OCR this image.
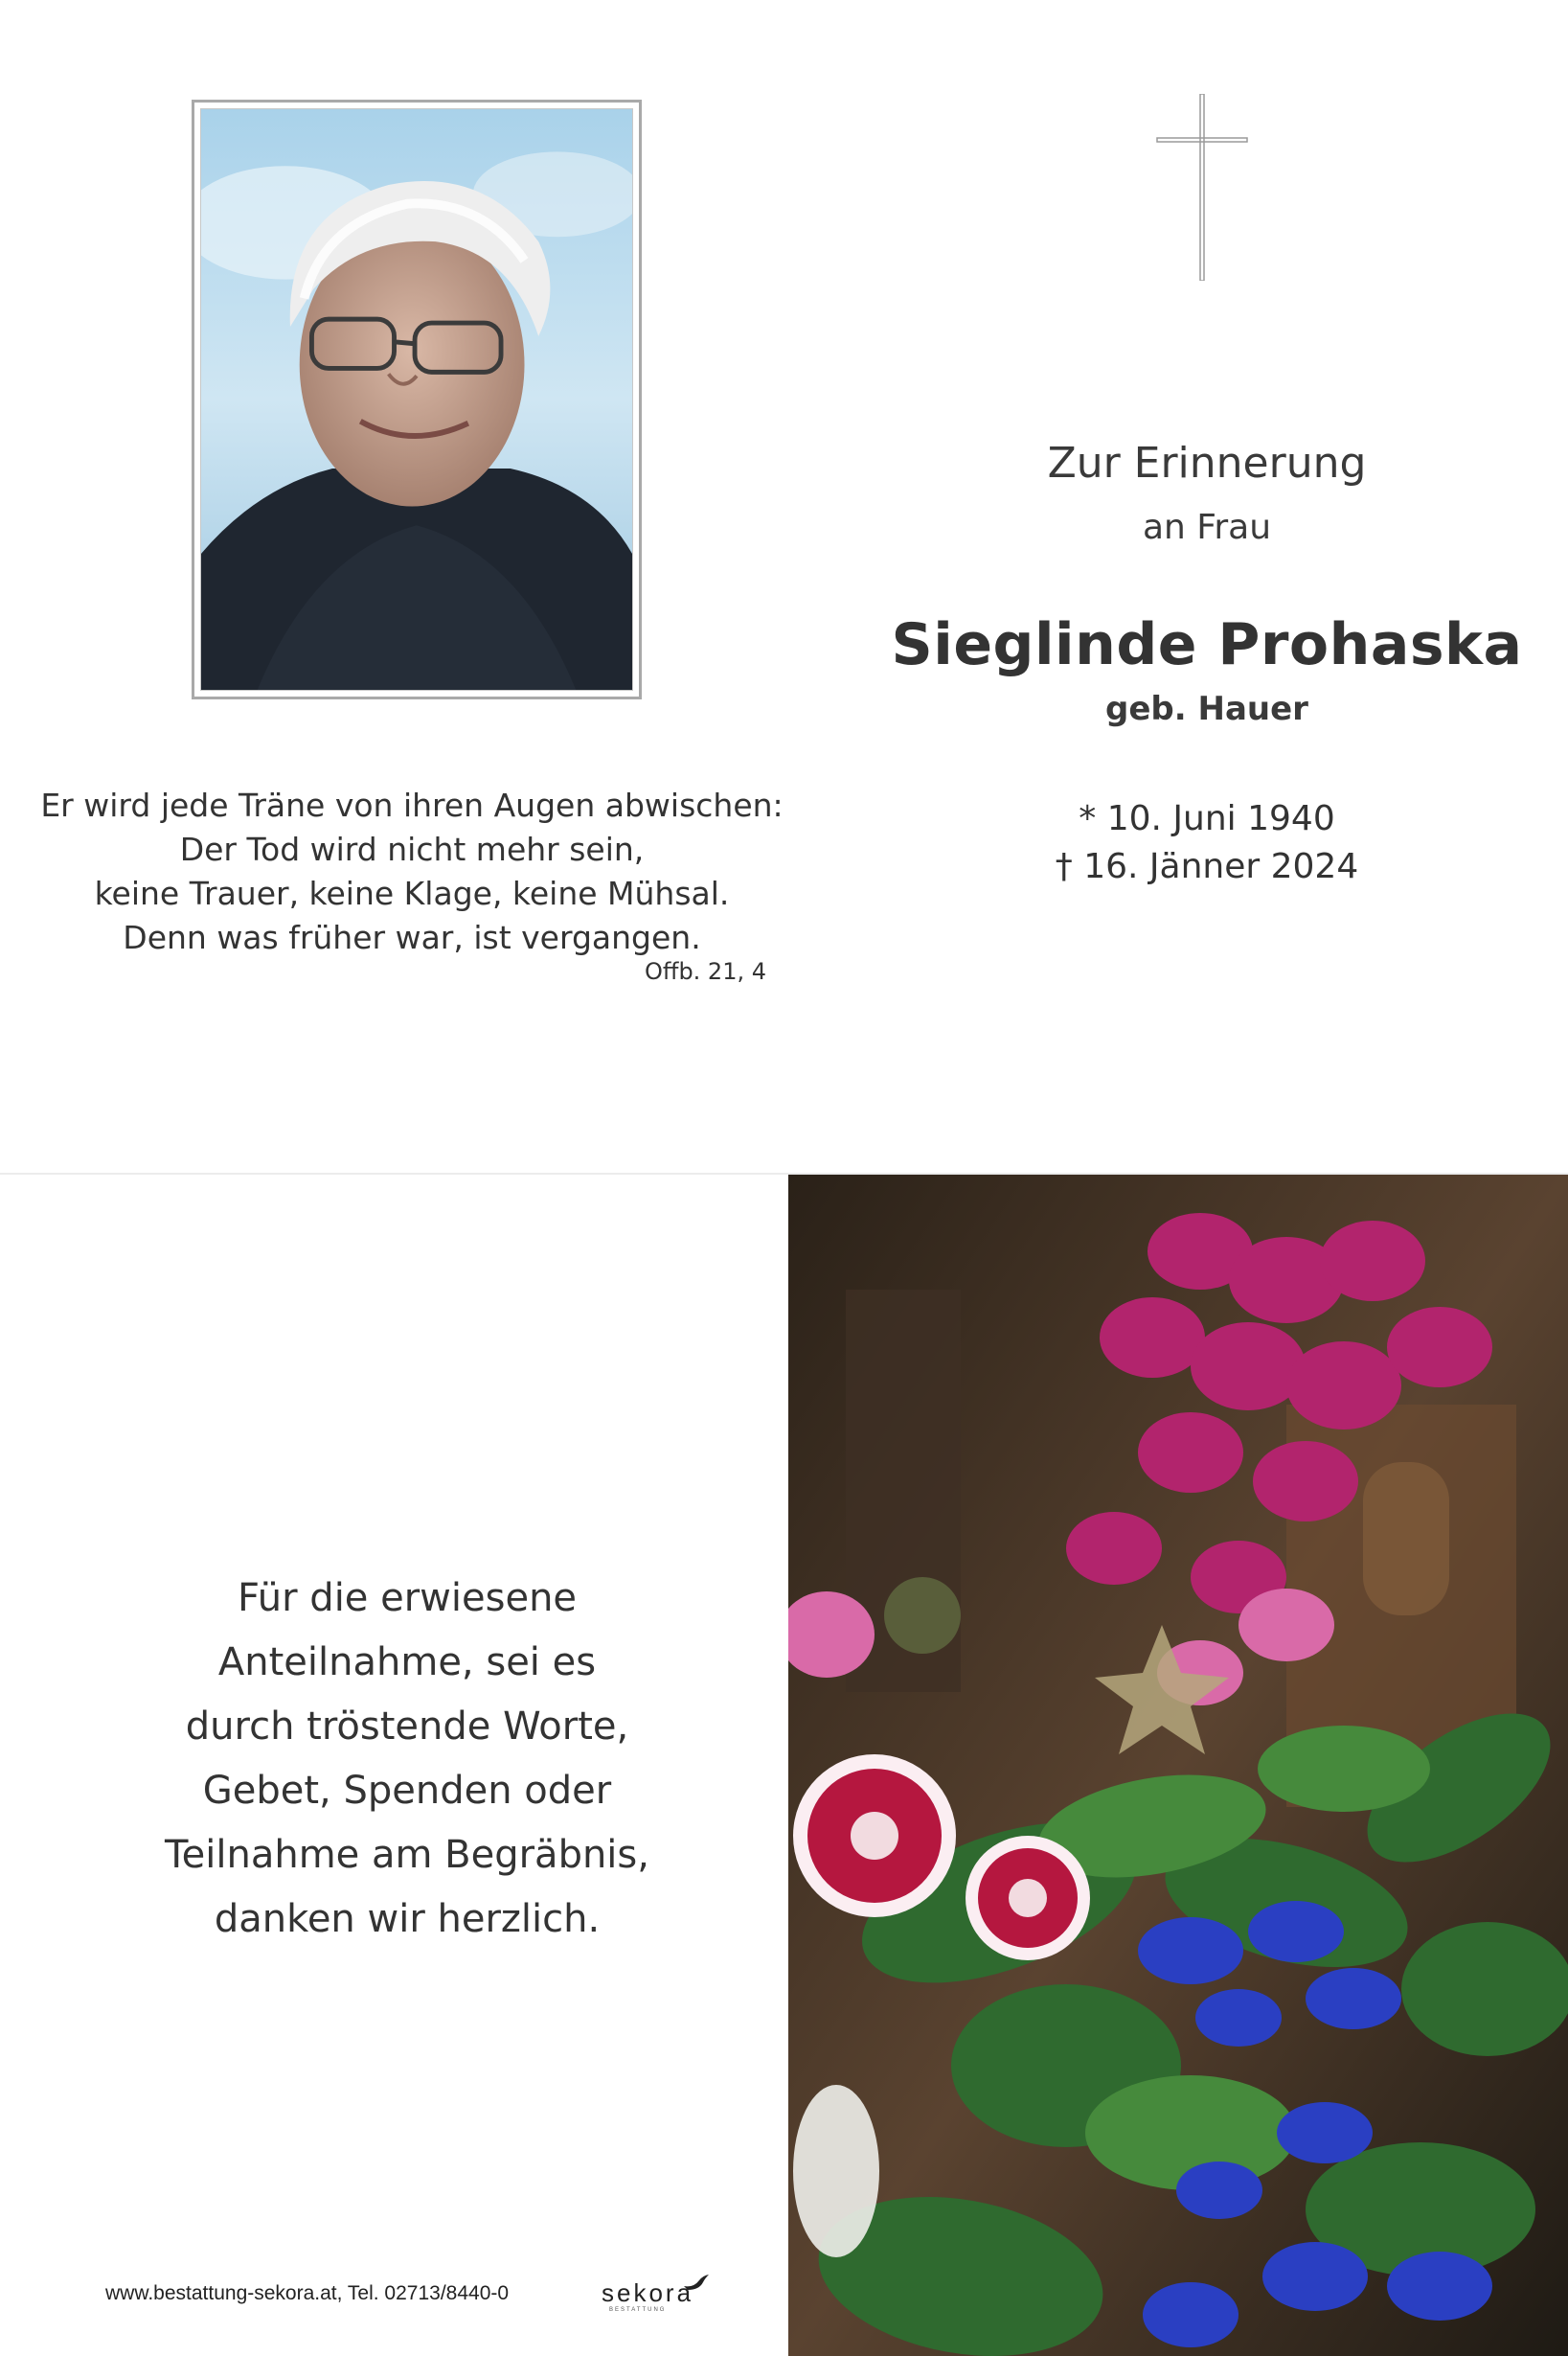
Zur Erinnerung
an Frau
Sieglinde Prohaska
geb. Hauer
* 10. Juni 1940
† 16. Jänner 2024
Er wird jede Träne von ihren Augen abwischen:
Der Tod wird nicht mehr sein,
keine Trauer, keine Klage, keine Mühsal.
Denn was früher war, ist vergangen.
Offb. 21, 4
Für die erwiesene
Anteilnahme, sei es
durch tröstende Worte,
Gebet, Spenden oder
Teilnahme am Begräbnis,
danken wir herzlich.
www.bestattung-sekora.at, Tel. 02713/8440-0	sekora
BESTATTUNG
